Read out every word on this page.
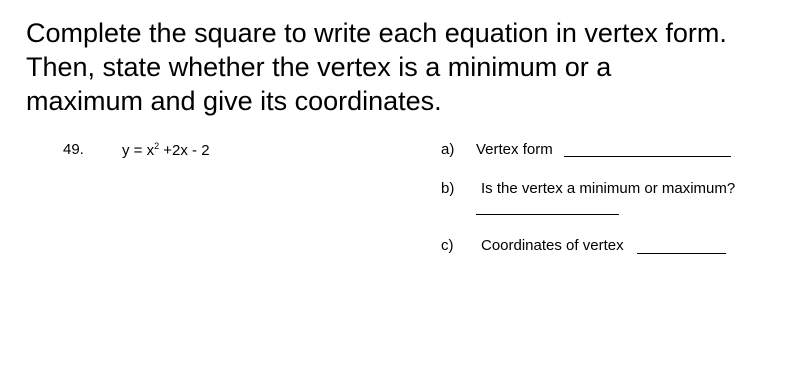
Complete the square to write each equation in vertex form.
Then, state whether the vertex is a minimum or a
maximum and give its coordinates.
49.	$y = x^2 +2x - 2$	a) Vertex form
b) Is the vertex a minimum or maximum?
c) Coordinates of vertex
